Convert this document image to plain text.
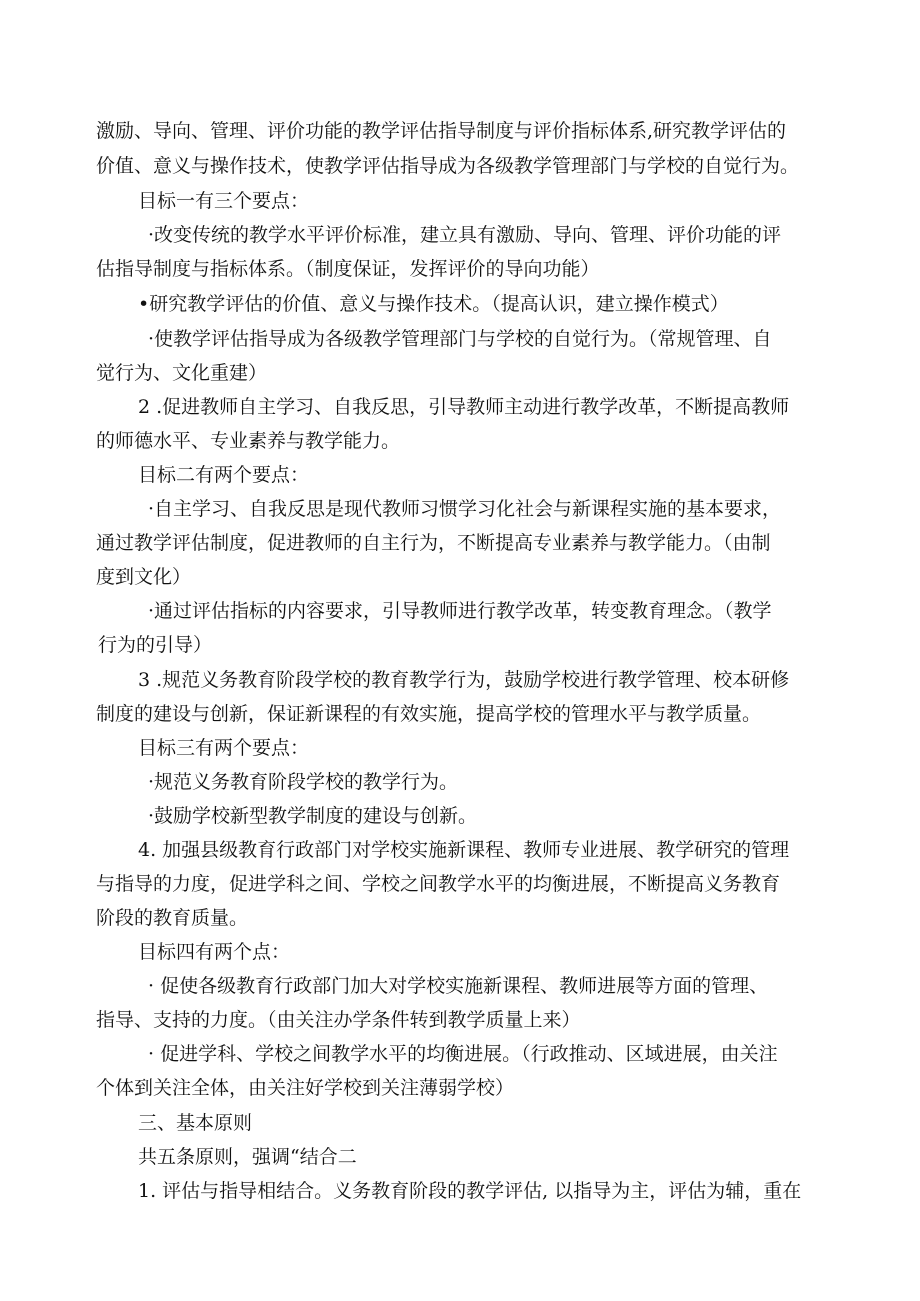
激励、导向、管理、评价功能的教学评估指导制度与评价指标体系,研究教学评估的
价值、意义与操作技术，使教学评估指导成为各级教学管理部门与学校的自觉行为。
目标一有三个要点：
·改变传统的教学水平评价标准，建立具有激励、导向、管理、评价功能的评
估指导制度与指标体系。（制度保证，发挥评价的导向功能）
•研究教学评估的价值、意义与操作技术。（提高认识，建立操作模式）
·使教学评估指导成为各级教学管理部门与学校的自觉行为。（常规管理、自
觉行为、文化重建）
2 .促进教师自主学习、自我反思，引导教师主动进行教学改革，不断提高教师
的师德水平、专业素养与教学能力。
目标二有两个要点：
·自主学习、自我反思是现代教师习惯学习化社会与新课程实施的基本要求，
通过教学评估制度，促进教师的自主行为，不断提高专业素养与教学能力。（由制
度到文化）
·通过评估指标的内容要求，引导教师进行教学改革，转变教育理念。（教学
行为的引导）
3 .规范义务教育阶段学校的教育教学行为，鼓励学校进行教学管理、校本研修
制度的建设与创新，保证新课程的有效实施，提高学校的管理水平与教学质量。
目标三有两个要点：
·规范义务教育阶段学校的教学行为。
·鼓励学校新型教学制度的建设与创新。
4. 加强县级教育行政部门对学校实施新课程、教师专业进展、教学研究的管理
与指导的力度，促进学科之间、学校之间教学水平的均衡进展，不断提高义务教育
阶段的教育质量。
目标四有两个点：
· 促使各级教育行政部门加大对学校实施新课程、教师进展等方面的管理、
指导、支持的力度。（由关注办学条件转到教学质量上来）
· 促进学科、学校之间教学水平的均衡进展。（行政推动、区域进展，由关注
个体到关注全体，由关注好学校到关注薄弱学校）
三、基本原则
共五条原则，强调“结合二
1. 评估与指导相结合。义务教育阶段的教学评估, 以指导为主，评估为辅，重在
